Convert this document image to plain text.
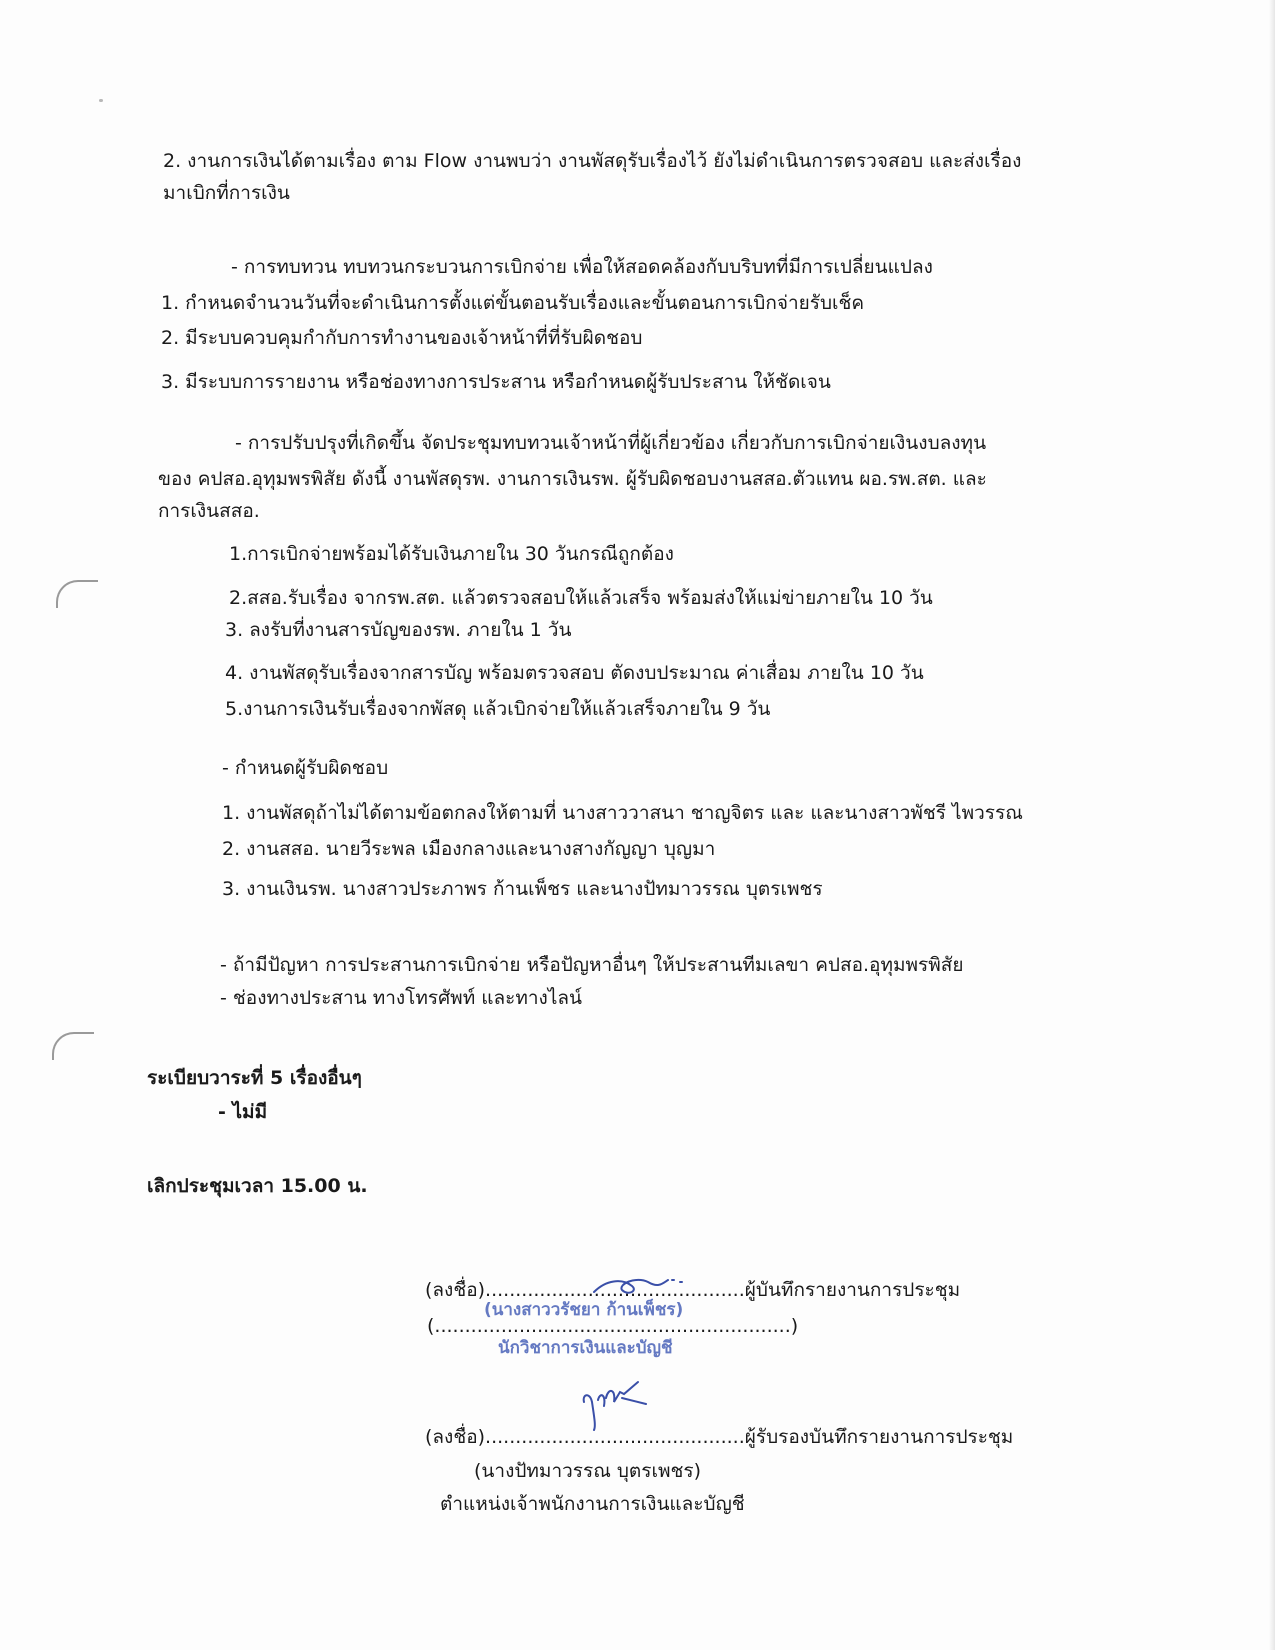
2. งานการเงินได้ตามเรื่อง ตาม Flow งานพบว่า งานพัสดุรับเรื่องไว้ ยังไม่ดำเนินการตรวจสอบ และส่งเรื่อง
มาเบิกที่การเงิน
- การทบทวน ทบทวนกระบวนการเบิกจ่าย เพื่อให้สอดคล้องกับบริบทที่มีการเปลี่ยนแปลง
1. กำหนดจำนวนวันที่จะดำเนินการตั้งแต่ขั้นตอนรับเรื่องและขั้นตอนการเบิกจ่ายรับเช็ค
2. มีระบบควบคุมกำกับการทำงานของเจ้าหน้าที่ที่รับผิดชอบ
3. มีระบบการรายงาน หรือช่องทางการประสาน หรือกำหนดผู้รับประสาน ให้ชัดเจน
- การปรับปรุงที่เกิดขึ้น จัดประชุมทบทวนเจ้าหน้าที่ผู้เกี่ยวข้อง เกี่ยวกับการเบิกจ่ายเงินงบลงทุน
ของ คปสอ.อุทุมพรพิสัย ดังนี้ งานพัสดุรพ. งานการเงินรพ. ผู้รับผิดชอบงานสสอ.ตัวแทน ผอ.รพ.สต. และ
การเงินสสอ.
1.การเบิกจ่ายพร้อมได้รับเงินภายใน 30 วันกรณีถูกต้อง
2.สสอ.รับเรื่อง จากรพ.สต. แล้วตรวจสอบให้แล้วเสร็จ พร้อมส่งให้แม่ข่ายภายใน 10 วัน
3. ลงรับที่งานสารบัญของรพ. ภายใน 1 วัน
4. งานพัสดุรับเรื่องจากสารบัญ พร้อมตรวจสอบ ตัดงบประมาณ ค่าเสื่อม ภายใน 10 วัน
5.งานการเงินรับเรื่องจากพัสดุ แล้วเบิกจ่ายให้แล้วเสร็จภายใน 9 วัน
- กำหนดผู้รับผิดชอบ
1. งานพัสดุถ้าไม่ได้ตามข้อตกลงให้ตามที่ นางสาววาสนา ชาญจิตร และ และนางสาวพัชรี ไพวรรณ
2. งานสสอ. นายวีระพล เมืองกลางและนางสางกัญญา บุญมา
3. งานเงินรพ. นางสาวประภาพร ก้านเพ็ชร และนางปัทมาวรรณ บุตรเพชร
- ถ้ามีปัญหา การประสานการเบิกจ่าย หรือปัญหาอื่นๆ ให้ประสานทีมเลขา คปสอ.อุทุมพรพิสัย
- ช่องทางประสาน ทางโทรศัพท์ และทางไลน์
ระเบียบวาระที่ 5 เรื่องอื่นๆ
- ไม่มี
เลิกประชุมเวลา 15.00 น.
(ลงชื่อ)...........................................ผู้บันทึกรายงานการประชุม
(...........................................................)
(นางสาววรัชยา ก้านเพ็ชร)
นักวิชาการเงินและบัญชี
(ลงชื่อ)...........................................ผู้รับรองบันทึกรายงานการประชุม
(นางปัทมาวรรณ บุตรเพชร)
ตำแหน่งเจ้าพนักงานการเงินและบัญชี
